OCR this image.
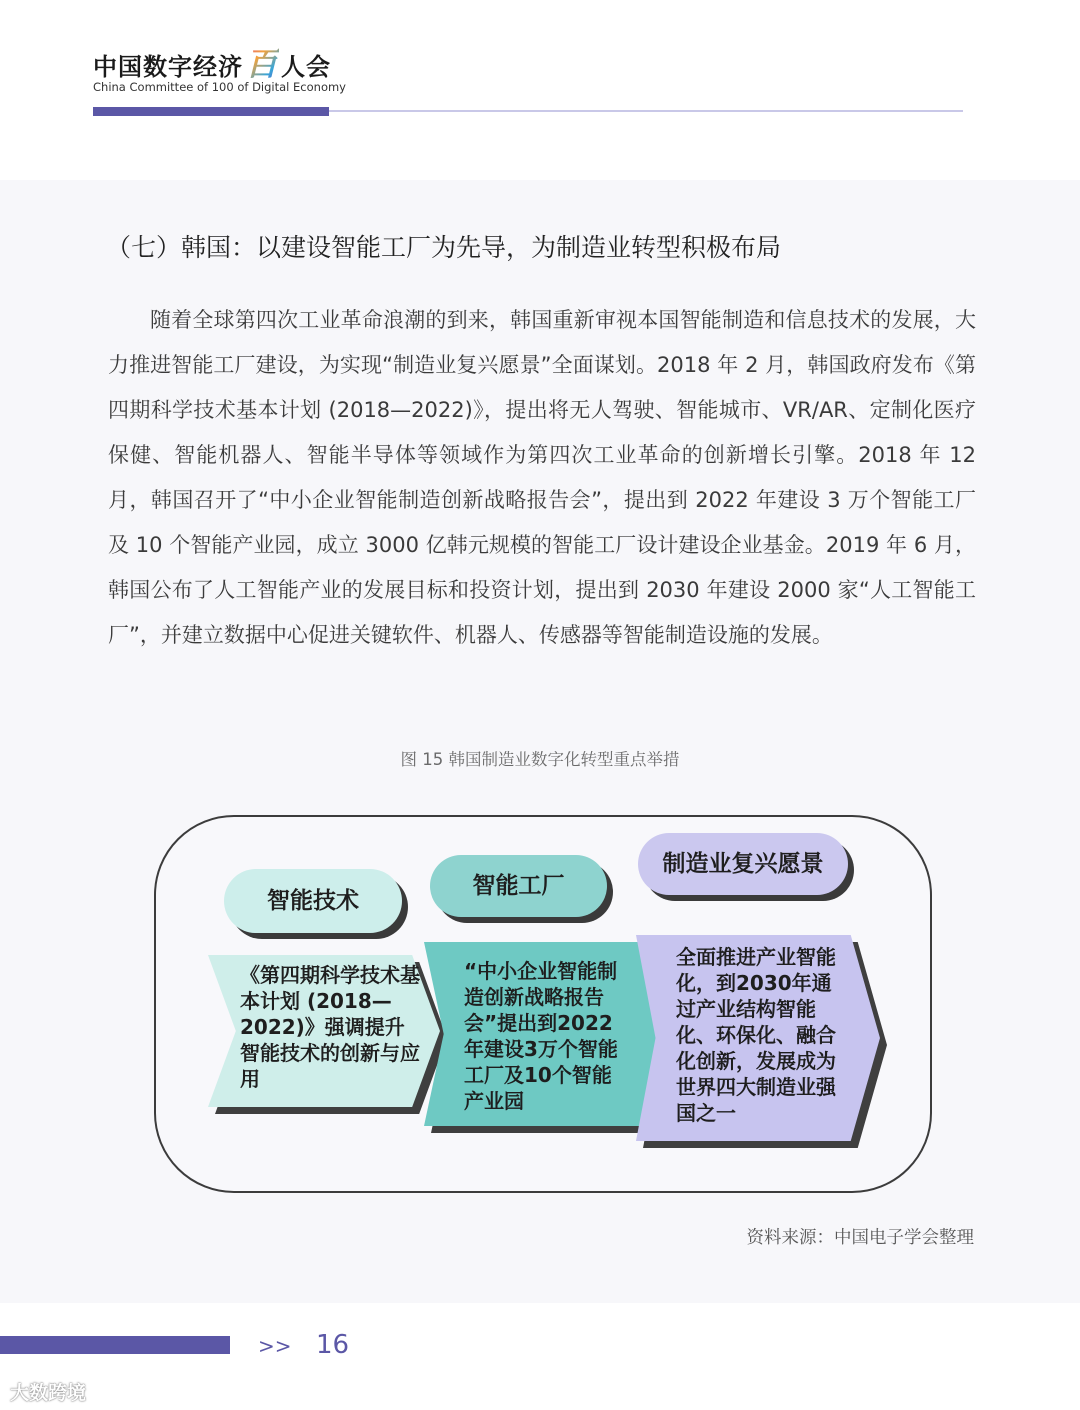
中国数字经济 百 人会
China Committee of 100 of Digital Economy
（七）韩国：以建设智能工厂为先导，为制造业转型积极布局
随着全球第四次工业革命浪潮的到来，韩国重新审视本国智能制造和信息技术的发展，大力推进智能工厂建设，为实现“制造业复兴愿景”全面谋划。2018 年 2 月，韩国政府发布《第四期科学技术基本计划 (2018—2022)》，提出将无人驾驶、智能城市、VR/AR、定制化医疗保健、智能机器人、智能半导体等领域作为第四次工业革命的创新增长引擎。2018 年 12 月，韩国召开了“中小企业智能制造创新战略报告会”，提出到 2022 年建设 3 万个智能工厂及 10 个智能产业园，成立 3000 亿韩元规模的智能工厂设计建设企业基金。2019 年 6 月，韩国公布了人工智能产业的发展目标和投资计划，提出到 2030 年建设 2000 家“人工智能工厂”，并建立数据中心促进关键软件、机器人、传感器等智能制造设施的发展。
图 15 韩国制造业数字化转型重点举措
智能技术
智能工厂
制造业复兴愿景
《第四期科学技术基本计划 (2018—2022)》强调提升智能技术的创新与应用
“中小企业智能制造创新战略报告会”提出到2022年建设3万个智能工厂及10个智能产业园
全面推进产业智能化，到2030年通过产业结构智能化、环保化、融合化创新，发展成为世界四大制造业强国之一
资料来源：中国电子学会整理
>> 16
大数跨境
